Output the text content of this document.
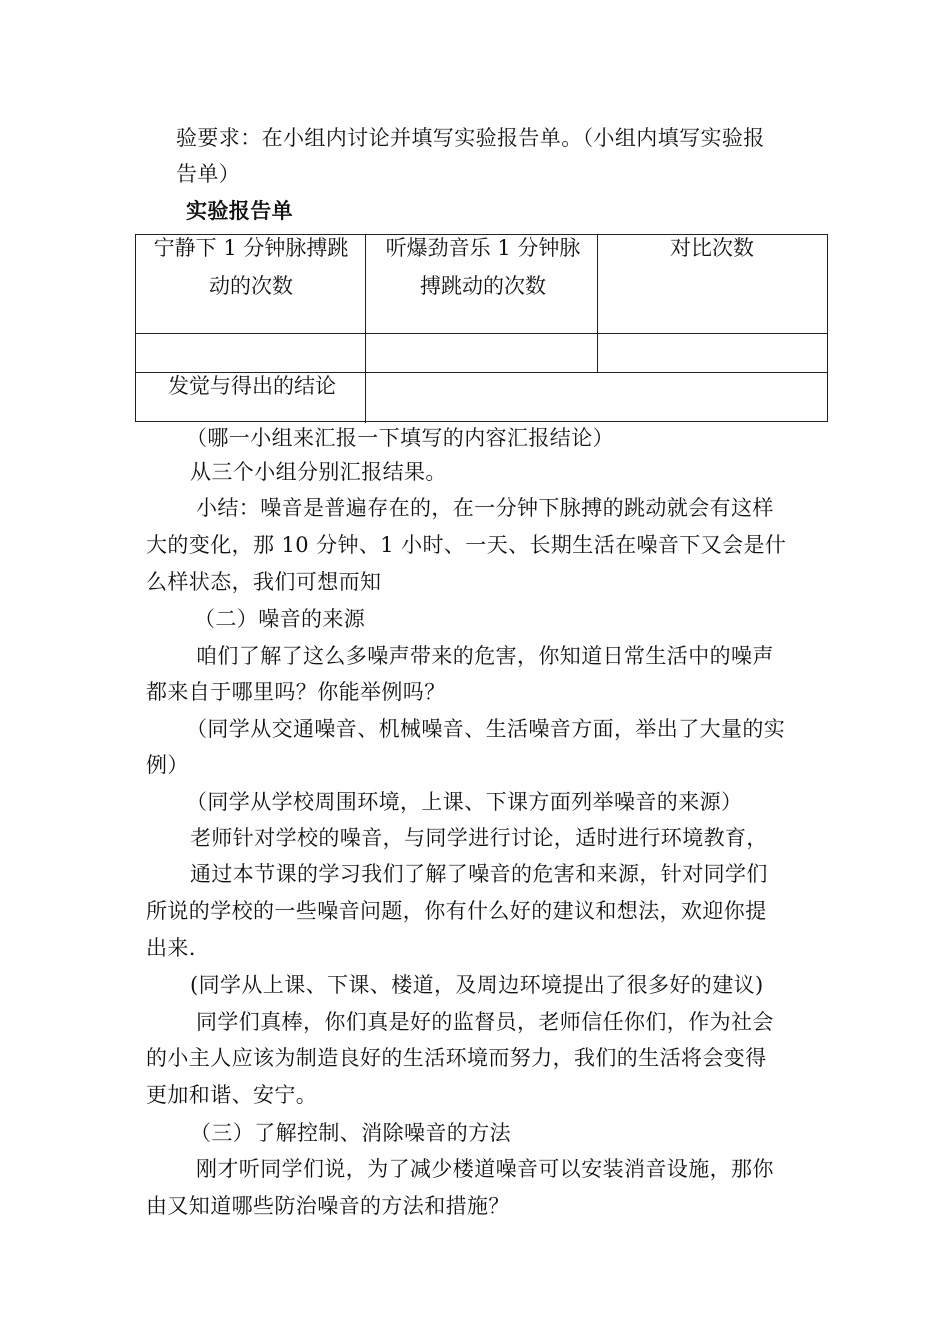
验要求：在小组内讨论并填写实验报告单。（小组内填写实验报
告单）
实验报告单
宁静下 1 分钟脉搏跳动的次数
听爆劲音乐 1 分钟脉搏跳动的次数
对比次数
发觉与得出的结论
（哪一小组来汇报一下填写的内容汇报结论）
从三个小组分别汇报结果。
小结：噪音是普遍存在的，在一分钟下脉搏的跳动就会有这样
大的变化，那 10 分钟、1 小时、一天、长期生活在噪音下又会是什
么样状态，我们可想而知
（二）噪音的来源
咱们了解了这么多噪声带来的危害，你知道日常生活中的噪声
都来自于哪里吗？你能举例吗？
（同学从交通噪音、机械噪音、生活噪音方面，举出了大量的实
例）
（同学从学校周围环境，上课、下课方面列举噪音的来源）
老师针对学校的噪音，与同学进行讨论，适时进行环境教育，
通过本节课的学习我们了解了噪音的危害和来源，针对同学们
所说的学校的一些噪音问题，你有什么好的建议和想法，欢迎你提
出来.
(同学从上课、下课、楼道，及周边环境提出了很多好的建议)
同学们真棒，你们真是好的监督员，老师信任你们，作为社会
的小主人应该为制造良好的生活环境而努力，我们的生活将会变得
更加和谐、安宁。
（三）了解控制、消除噪音的方法
刚才听同学们说，为了减少楼道噪音可以安装消音设施，那你
由又知道哪些防治噪音的方法和措施？
